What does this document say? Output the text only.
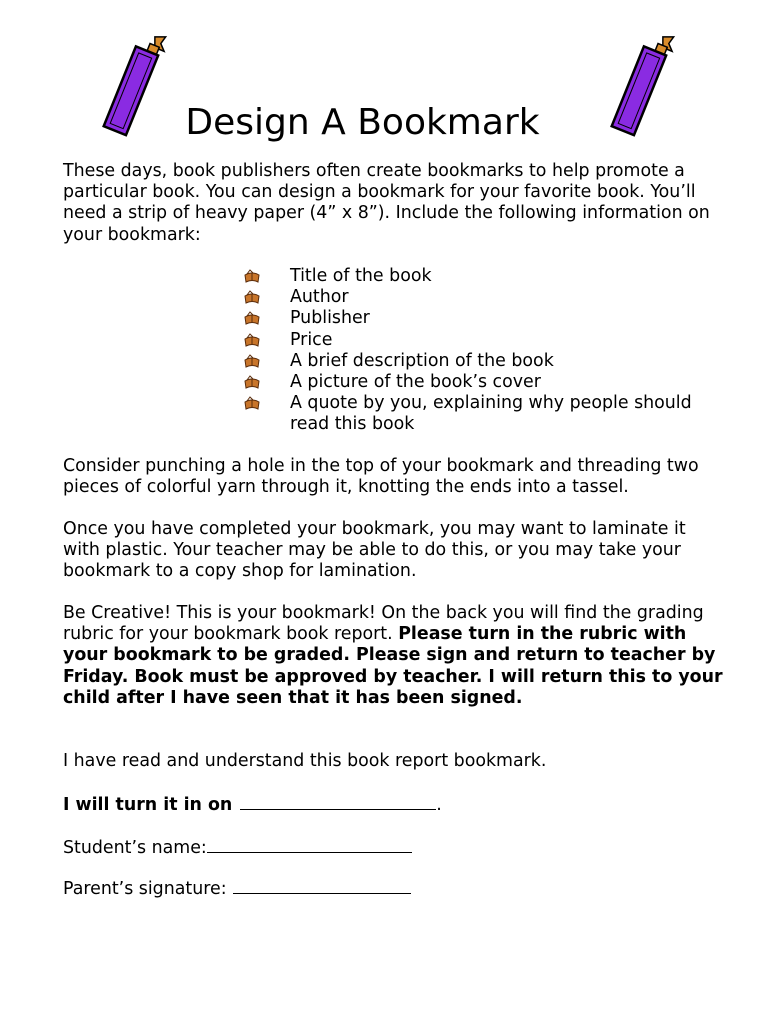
Design A Bookmark
These days, book publishers often create bookmarks to help promote a particular book. You can design a bookmark for your favorite book. You’ll need a strip of heavy paper (4” x 8”). Include the following information on your bookmark:
Title of the book
Author
Publisher
Price
A brief description of the book
A picture of the book’s cover
A quote by you, explaining why people should read this book
Consider punching a hole in the top of your bookmark and threading two pieces of colorful yarn through it, knotting the ends into a tassel.
Once you have completed your bookmark, you may want to laminate it with plastic. Your teacher may be able to do this, or you may take your bookmark to a copy shop for lamination.
Be Creative! This is your bookmark! On the back you will find the grading rubric for your bookmark book report. Please turn in the rubric with your bookmark to be graded. Please sign and return to teacher by Friday. Book must be approved by teacher. I will return this to your child after I have seen that it has been signed.
I have read and understand this book report bookmark.
I will turn it in on	.
Student’s name:
Parent’s signature:
